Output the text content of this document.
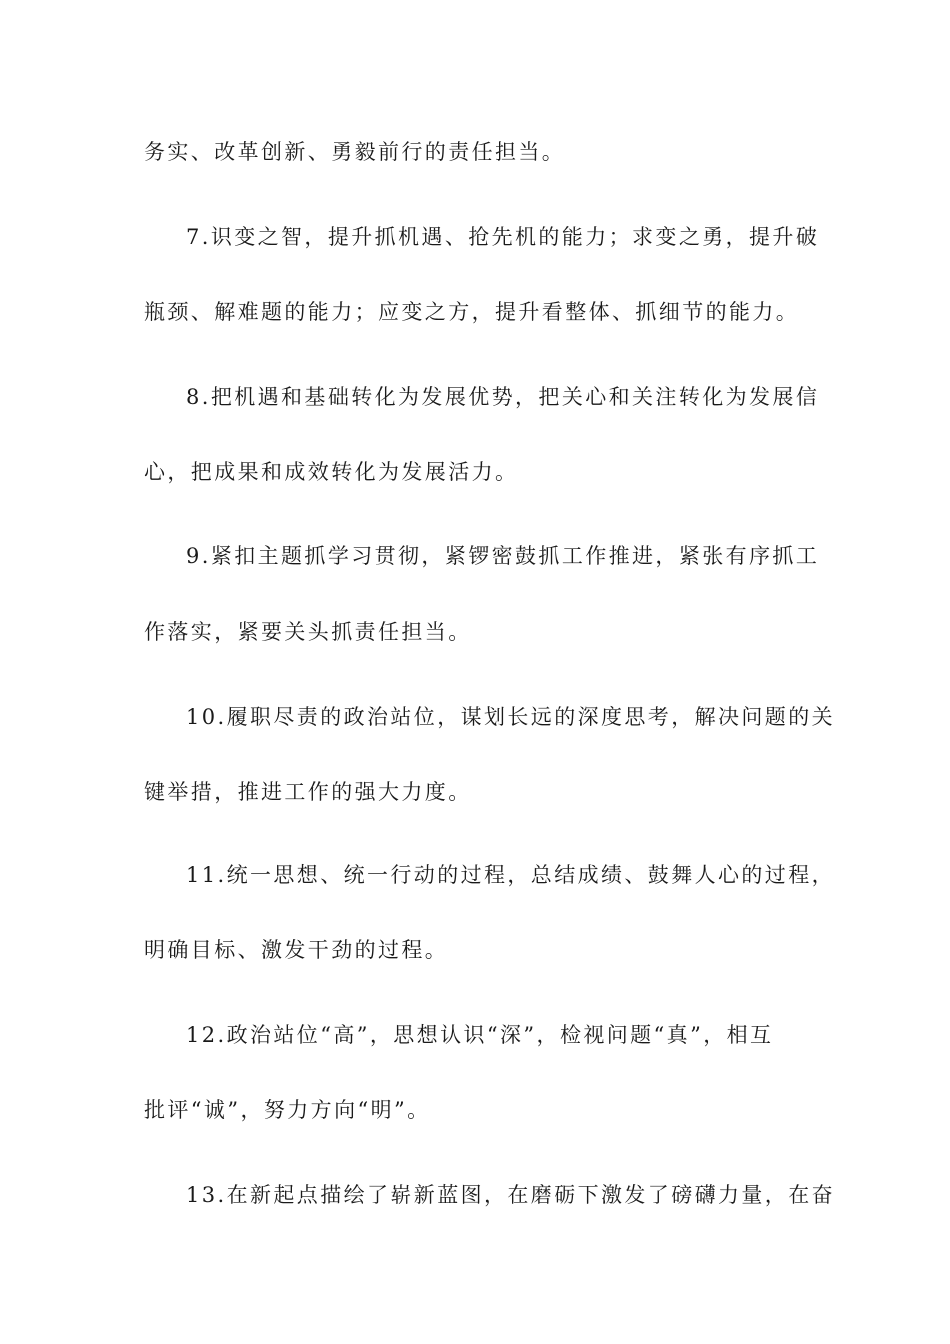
务实、改革创新、勇毅前行的责任担当。
7.识变之智，提升抓机遇、抢先机的能力；求变之勇，提升破
瓶颈、解难题的能力；应变之方，提升看整体、抓细节的能力。
8.把机遇和基础转化为发展优势，把关心和关注转化为发展信
心，把成果和成效转化为发展活力。
9.紧扣主题抓学习贯彻，紧锣密鼓抓工作推进，紧张有序抓工
作落实，紧要关头抓责任担当。
10.履职尽责的政治站位，谋划长远的深度思考，解决问题的关
键举措，推进工作的强大力度。
11.统一思想、统一行动的过程，总结成绩、鼓舞人心的过程，
明确目标、激发干劲的过程。
12.政治站位“高”，思想认识“深”，检视问题“真”，相互
批评“诚”，努力方向“明”。
13.在新起点描绘了崭新蓝图，在磨砺下激发了磅礴力量，在奋
